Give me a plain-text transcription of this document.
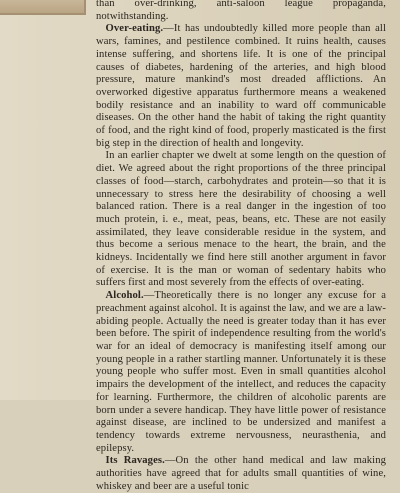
than over-drinking, anti-saloon league propaganda, notwithstanding.

Over-eating.—It has undoubtedly killed more people than all wars, famines, and pestilence combined. It ruins health, causes intense suffering, and shortens life. It is one of the principal causes of diabetes, hardening of the arteries, and high blood pressure, mature mankind's most dreaded afflictions. An overworked digestive apparatus furthermore means a weakened bodily resistance and an inability to ward off communicable diseases. On the other hand the habit of taking the right quantity of food, and the right kind of food, properly masticated is the first big step in the direction of health and longevity.

In an earlier chapter we dwelt at some length on the question of diet. We agreed about the right proportions of the three principal classes of food—starch, carbohydrates and protein—so that it is unnecessary to stress here the desirability of choosing a well balanced ration. There is a real danger in the ingestion of too much protein, i. e., meat, peas, beans, etc. These are not easily assimilated, they leave considerable residue in the system, and thus become a serious menace to the heart, the brain, and the kidneys. Incidentally we find here still another argument in favor of exercise. It is the man or woman of sedentary habits who suffers first and most severely from the effects of over-eating.

Alcohol.—Theoretically there is no longer any excuse for a preachment against alcohol. It is against the law, and we are a law-abiding people. Actually the need is greater today than it has ever been before. The spirit of independence resulting from the world's war for an ideal of democracy is manifesting itself among our young people in a rather startling manner. Unfortunately it is these young people who suffer most. Even in small quantities alcohol impairs the development of the intellect, and reduces the capacity for learning. Furthermore, the children of alcoholic parents are born under a severe handicap. They have little power of resistance against disease, are inclined to be undersized and manifest a tendency towards extreme nervousness, neurasthenia, and epilepsy.

Its Ravages.—On the other hand medical and law making authorities have agreed that for adults small quantities of wine, whiskey and beer are a useful tonic
